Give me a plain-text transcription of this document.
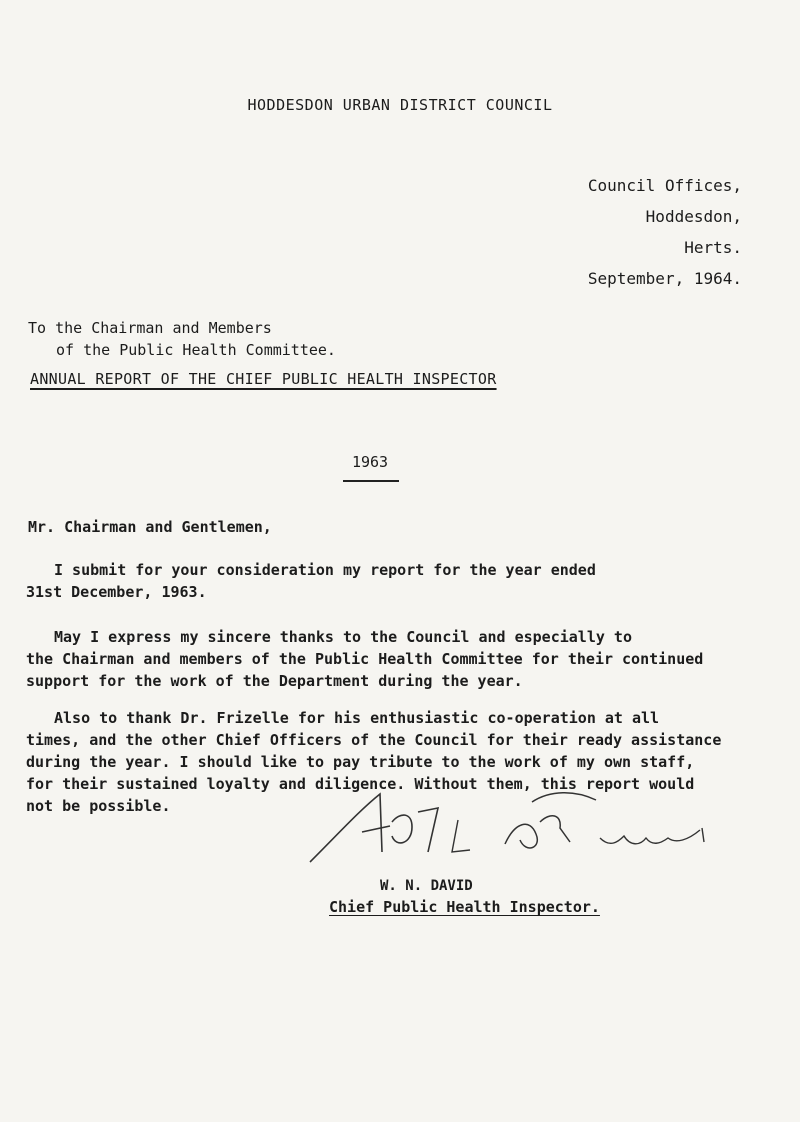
HODDESDON URBAN DISTRICT COUNCIL
Council Offices,
Hoddesdon,
Herts.
September, 1964.
To the Chairman and Members
of the Public Health Committee.
ANNUAL REPORT OF THE CHIEF PUBLIC HEALTH INSPECTOR
1963
Mr. Chairman and Gentlemen,
I submit for your consideration my report for the year ended
31st December, 1963.
May I express my sincere thanks to the Council and especially to
the Chairman and members of the Public Health Committee for their continued
support for the work of the Department during the year.
Also to thank Dr. Frizelle for his enthusiastic co-operation at all
times, and the other Chief Officers of the Council for their ready assistance
during the year. I should like to pay tribute to the work of my own staff,
for their sustained loyalty and diligence. Without them, this report would
not be possible.
W. N. DAVID
Chief Public Health Inspector.
